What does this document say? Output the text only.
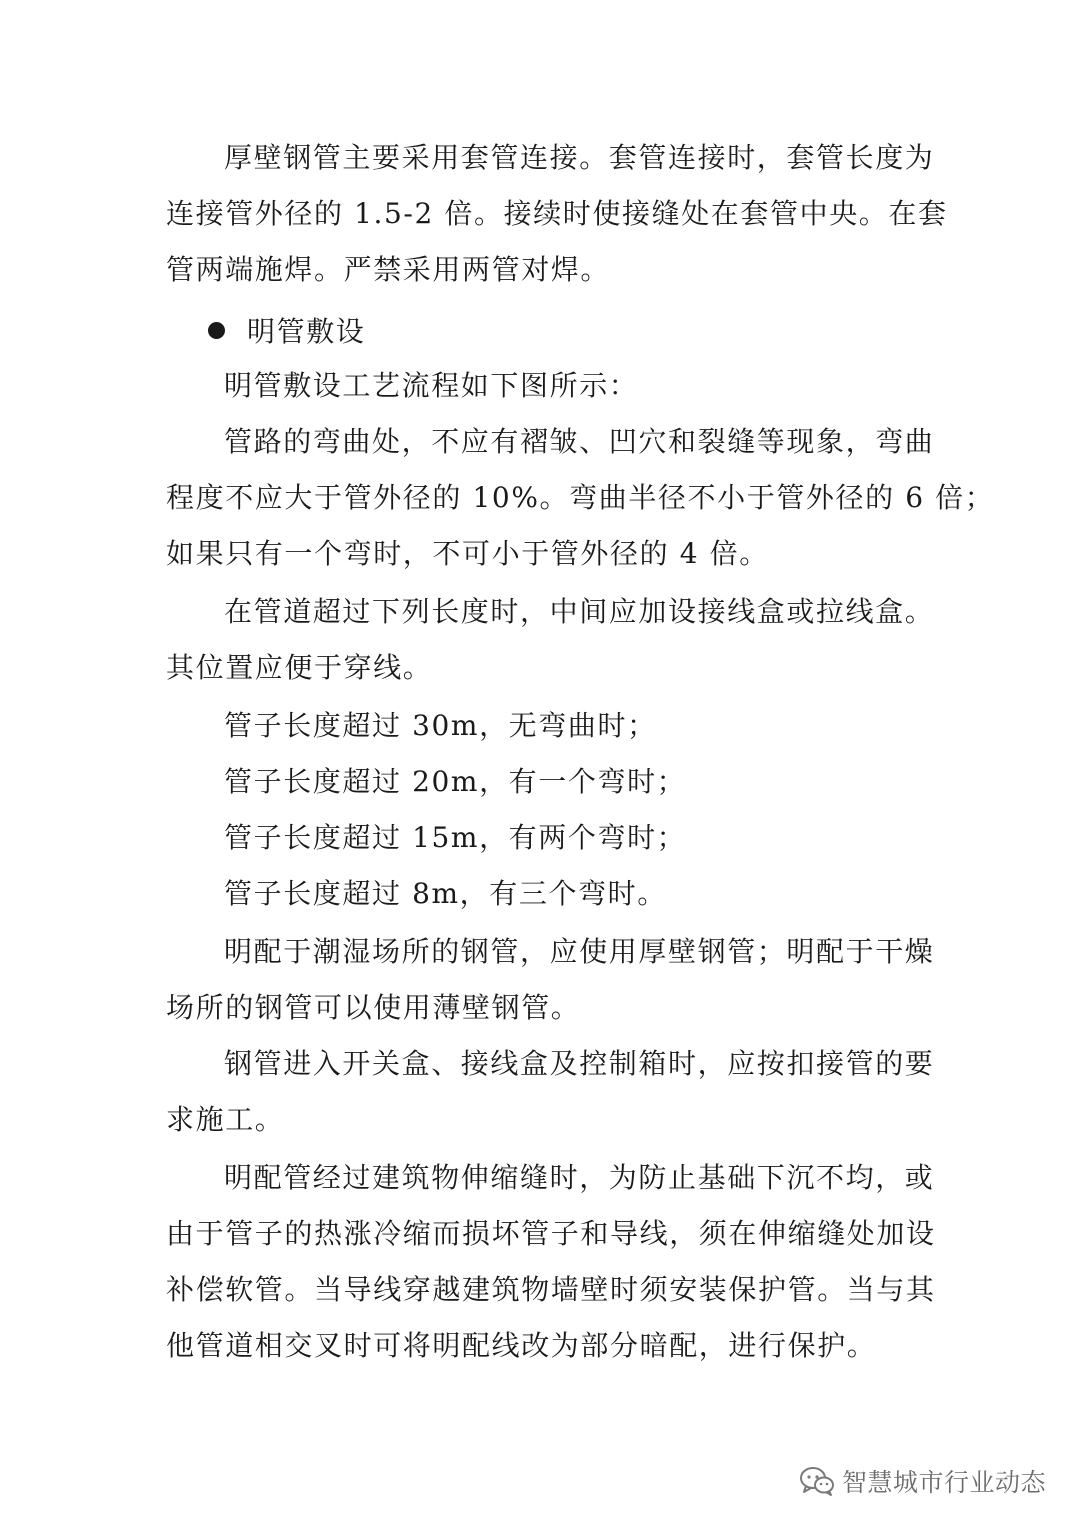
厚壁钢管主要采用套管连接。套管连接时，套管长度为
连接管外径的 1.5-2 倍。接续时使接缝处在套管中央。在套
管两端施焊。严禁采用两管对焊。
明管敷设
明管敷设工艺流程如下图所示：
管路的弯曲处，不应有褶皱、凹穴和裂缝等现象，弯曲
程度不应大于管外径的 10%。弯曲半径不小于管外径的 6 倍；
如果只有一个弯时，不可小于管外径的 4 倍。
在管道超过下列长度时，中间应加设接线盒或拉线盒。
其位置应便于穿线。
管子长度超过 30m，无弯曲时；
管子长度超过 20m，有一个弯时；
管子长度超过 15m，有两个弯时；
管子长度超过 8m，有三个弯时。
明配于潮湿场所的钢管，应使用厚壁钢管；明配于干燥
场所的钢管可以使用薄壁钢管。
钢管进入开关盒、接线盒及控制箱时，应按扣接管的要
求施工。
明配管经过建筑物伸缩缝时，为防止基础下沉不均，或
由于管子的热涨冷缩而损坏管子和导线，须在伸缩缝处加设
补偿软管。当导线穿越建筑物墙壁时须安装保护管。当与其
他管道相交叉时可将明配线改为部分暗配，进行保护。
智慧城市行业动态
